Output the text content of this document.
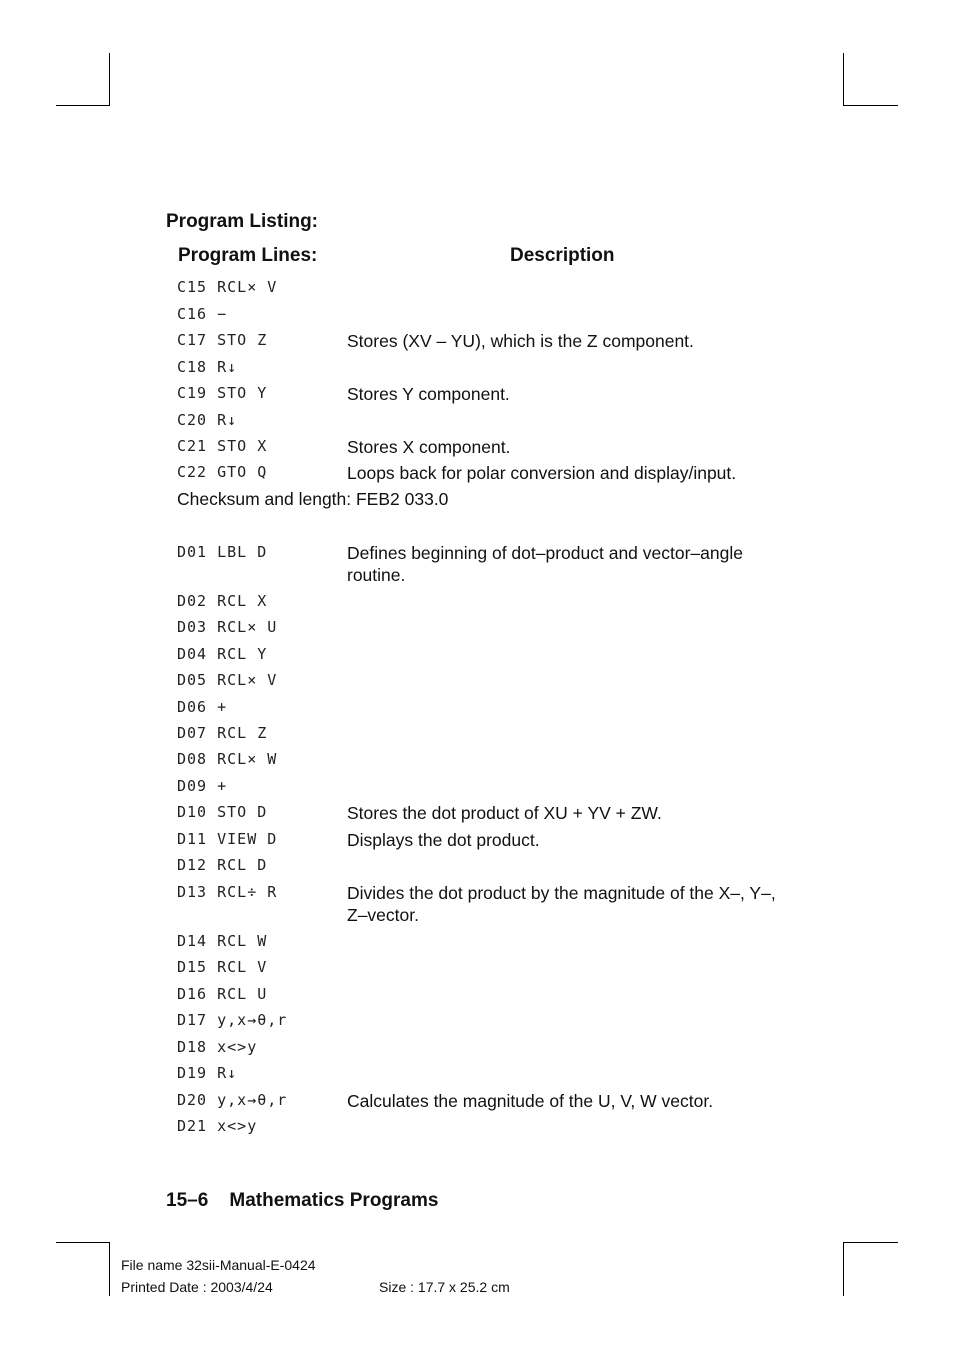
Program Listing:
Program Lines:	Description
C15 RCL× V
C16 −
C17 STO Z	Stores (XV – YU), which is the Z component.
C18 R↓
C19 STO Y	Stores Y component.
C20 R↓
C21 STO X	Stores X component.
C22 GTO Q	Loops back for polar conversion and display/input.
Checksum and length: FEB2 033.0
D01 LBL D	Defines beginning of dot–product and vector–angle routine.
D02 RCL X
D03 RCL× U
D04 RCL Y
D05 RCL× V
D06 +
D07 RCL Z
D08 RCL× W
D09 +
D10 STO D	Stores the dot product of XU + YV + ZW.
D11 VIEW D	Displays the dot product.
D12 RCL D
D13 RCL÷ R	Divides the dot product by the magnitude of the X–, Y–, Z–vector.
D14 RCL W
D15 RCL V
D16 RCL U
D17 y,x→θ,r
D18 x<>y
D19 R↓
D20 y,x→θ,r	Calculates the magnitude of the U, V, W vector.
D21 x<>y
15–6    Mathematics Programs
File name 32sii-Manual-E-0424
Printed Date : 2003/4/24	Size : 17.7 x 25.2 cm
